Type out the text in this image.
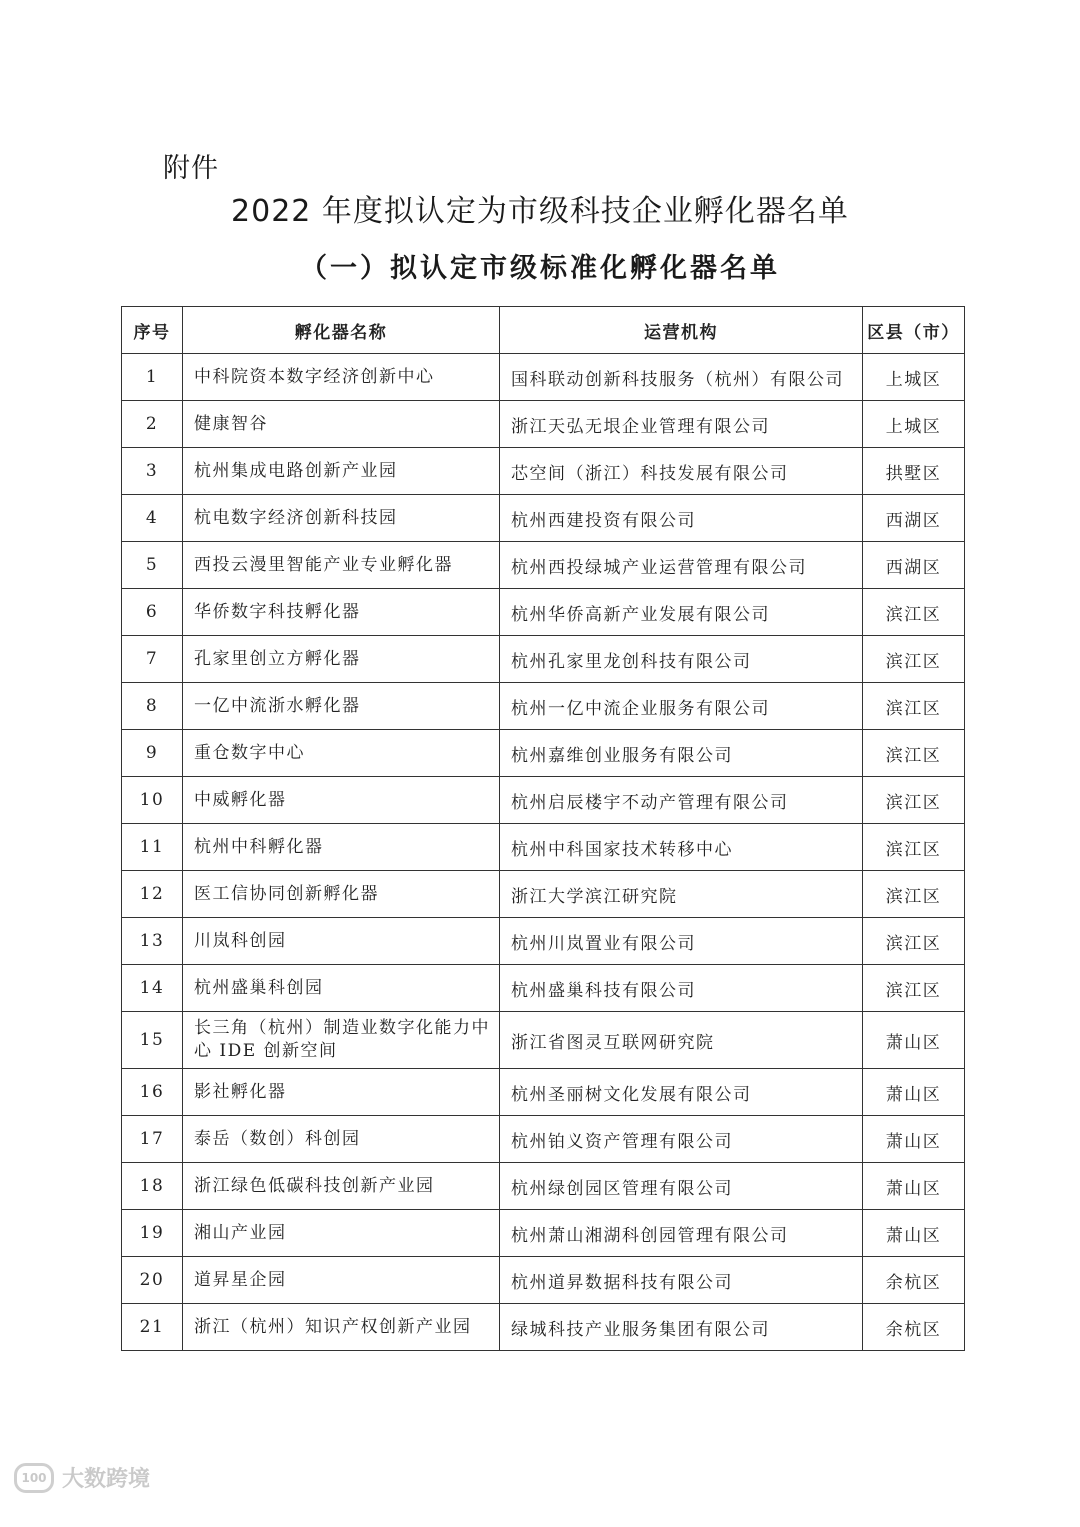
附件
2022 年度拟认定为市级科技企业孵化器名单
（一）拟认定市级标准化孵化器名单
序号	孵化器名称	运营机构	区县（市）
1	中科院资本数字经济创新中心	国科联动创新科技服务（杭州）有限公司	上城区
2	健康智谷	浙江天弘无垠企业管理有限公司	上城区
3	杭州集成电路创新产业园	芯空间（浙江）科技发展有限公司	拱墅区
4	杭电数字经济创新科技园	杭州西建投资有限公司	西湖区
5	西投云漫里智能产业专业孵化器	杭州西投绿城产业运营管理有限公司	西湖区
6	华侨数字科技孵化器	杭州华侨高新产业发展有限公司	滨江区
7	孔家里创立方孵化器	杭州孔家里龙创科技有限公司	滨江区
8	一亿中流浙水孵化器	杭州一亿中流企业服务有限公司	滨江区
9	重仓数字中心	杭州嘉维创业服务有限公司	滨江区
10	中威孵化器	杭州启辰楼宇不动产管理有限公司	滨江区
11	杭州中科孵化器	杭州中科国家技术转移中心	滨江区
12	医工信协同创新孵化器	浙江大学滨江研究院	滨江区
13	川岚科创园	杭州川岚置业有限公司	滨江区
14	杭州盛巢科创园	杭州盛巢科技有限公司	滨江区
15	长三角（杭州）制造业数字化能力中心 IDE 创新空间	浙江省图灵互联网研究院	萧山区
16	影社孵化器	杭州圣丽树文化发展有限公司	萧山区
17	泰岳（数创）科创园	杭州铂义资产管理有限公司	萧山区
18	浙江绿色低碳科技创新产业园	杭州绿创园区管理有限公司	萧山区
19	湘山产业园	杭州萧山湘湖科创园管理有限公司	萧山区
20	道昇星企园	杭州道昇数据科技有限公司	余杭区
21	浙江（杭州）知识产权创新产业园	绿城科技产业服务集团有限公司	余杭区
100 大数跨境
